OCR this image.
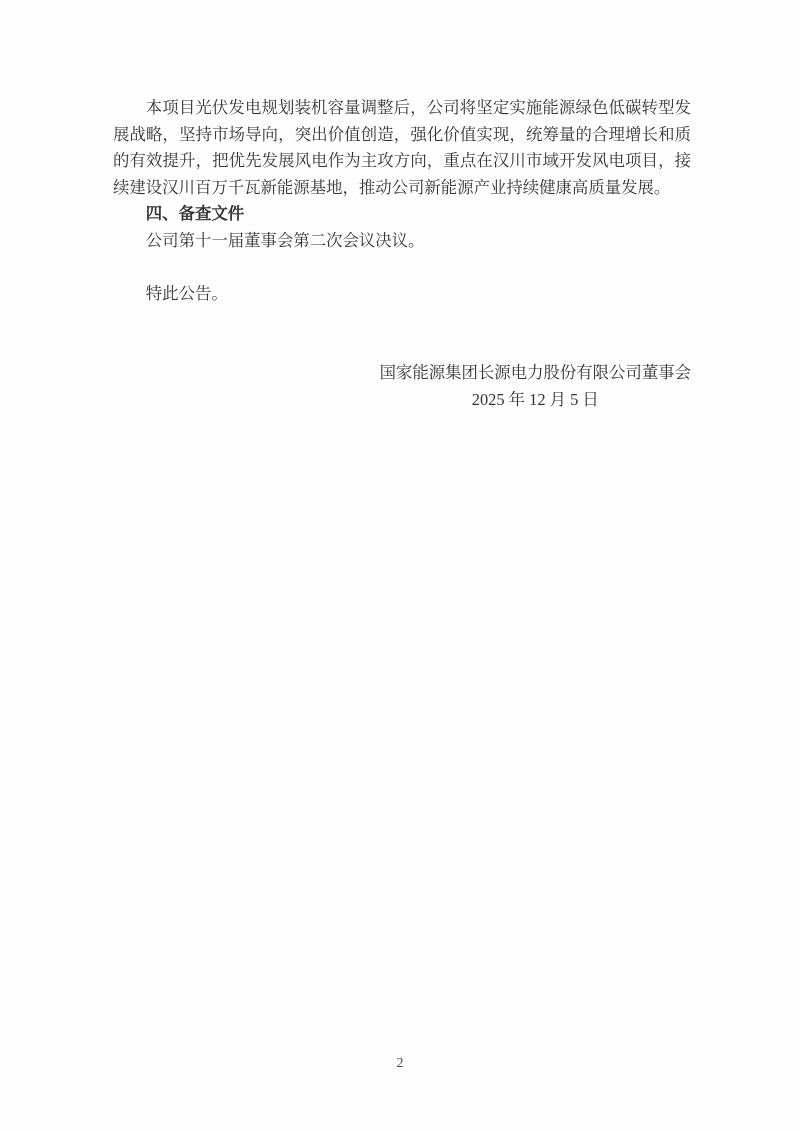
本项目光伏发电规划装机容量调整后，公司将坚定实施能源绿色低碳转型发展战略，坚持市场导向，突出价值创造，强化价值实现，统筹量的合理增长和质的有效提升，把优先发展风电作为主攻方向，重点在汉川市域开发风电项目，接续建设汉川百万千瓦新能源基地，推动公司新能源产业持续健康高质量发展。

四、备查文件

公司第十一届董事会第二次会议决议。

特此公告。

国家能源集团长源电力股份有限公司董事会
2025 年 12 月 5 日
2
